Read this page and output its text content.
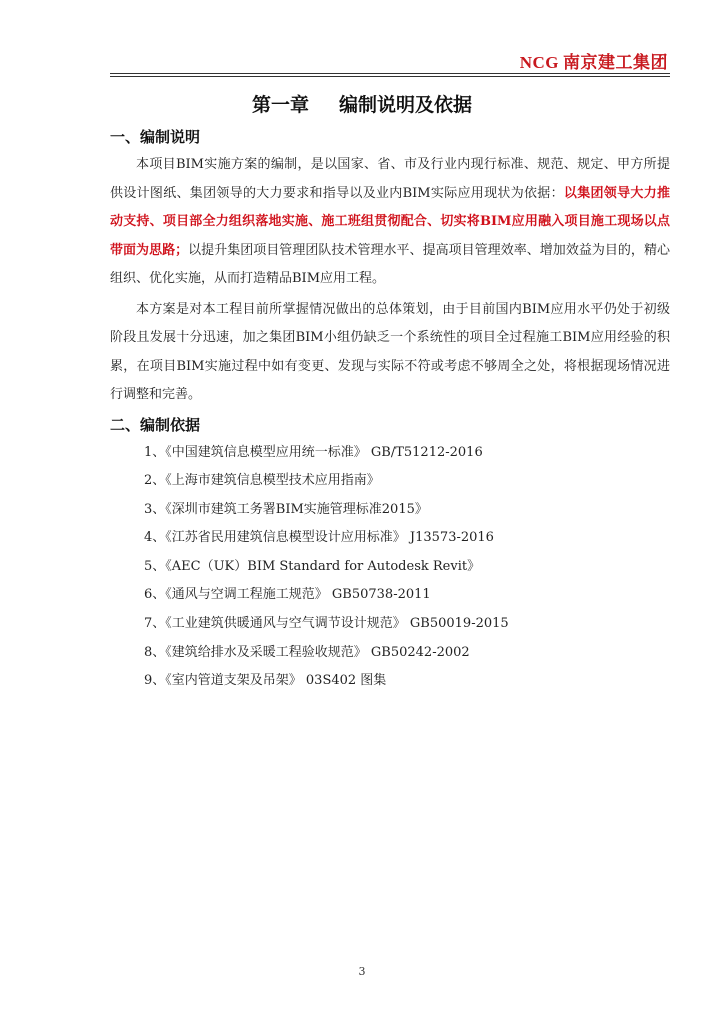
NCG 南京建工集团
第一章 编制说明及依据
一、编制说明

本项目BIM实施方案的编制，是以国家、省、市及行业内现行标准、规范、规定、甲方所提供设计图纸、集团领导的大力要求和指导以及业内BIM实际应用现状为依据：以集团领导大力推动支持、项目部全力组织落地实施、施工班组贯彻配合、切实将BIM应用融入项目施工现场以点带面为思路；以提升集团项目管理团队技术管理水平、提高项目管理效率、增加效益为目的，精心组织、优化实施，从而打造精品BIM应用工程。

本方案是对本工程目前所掌握情况做出的总体策划，由于目前国内BIM应用水平仍处于初级阶段且发展十分迅速，加之集团BIM小组仍缺乏一个系统性的项目全过程施工BIM应用经验的积累，在项目BIM实施过程中如有变更、发现与实际不符或考虑不够周全之处，将根据现场情况进行调整和完善。

二、编制依据
1、《中国建筑信息模型应用统一标准》 GB/T51212-2016
2、《上海市建筑信息模型技术应用指南》
3、《深圳市建筑工务署BIM实施管理标准2015》
4、《江苏省民用建筑信息模型设计应用标准》 J13573-2016
5、《AEC（UK）BIM Standard for Autodesk Revit》
6、《通风与空调工程施工规范》 GB50738-2011
7、《工业建筑供暖通风与空气调节设计规范》 GB50019-2015
8、《建筑给排水及采暖工程验收规范》 GB50242-2002
9、《室内管道支架及吊架》 03S402 图集
3
